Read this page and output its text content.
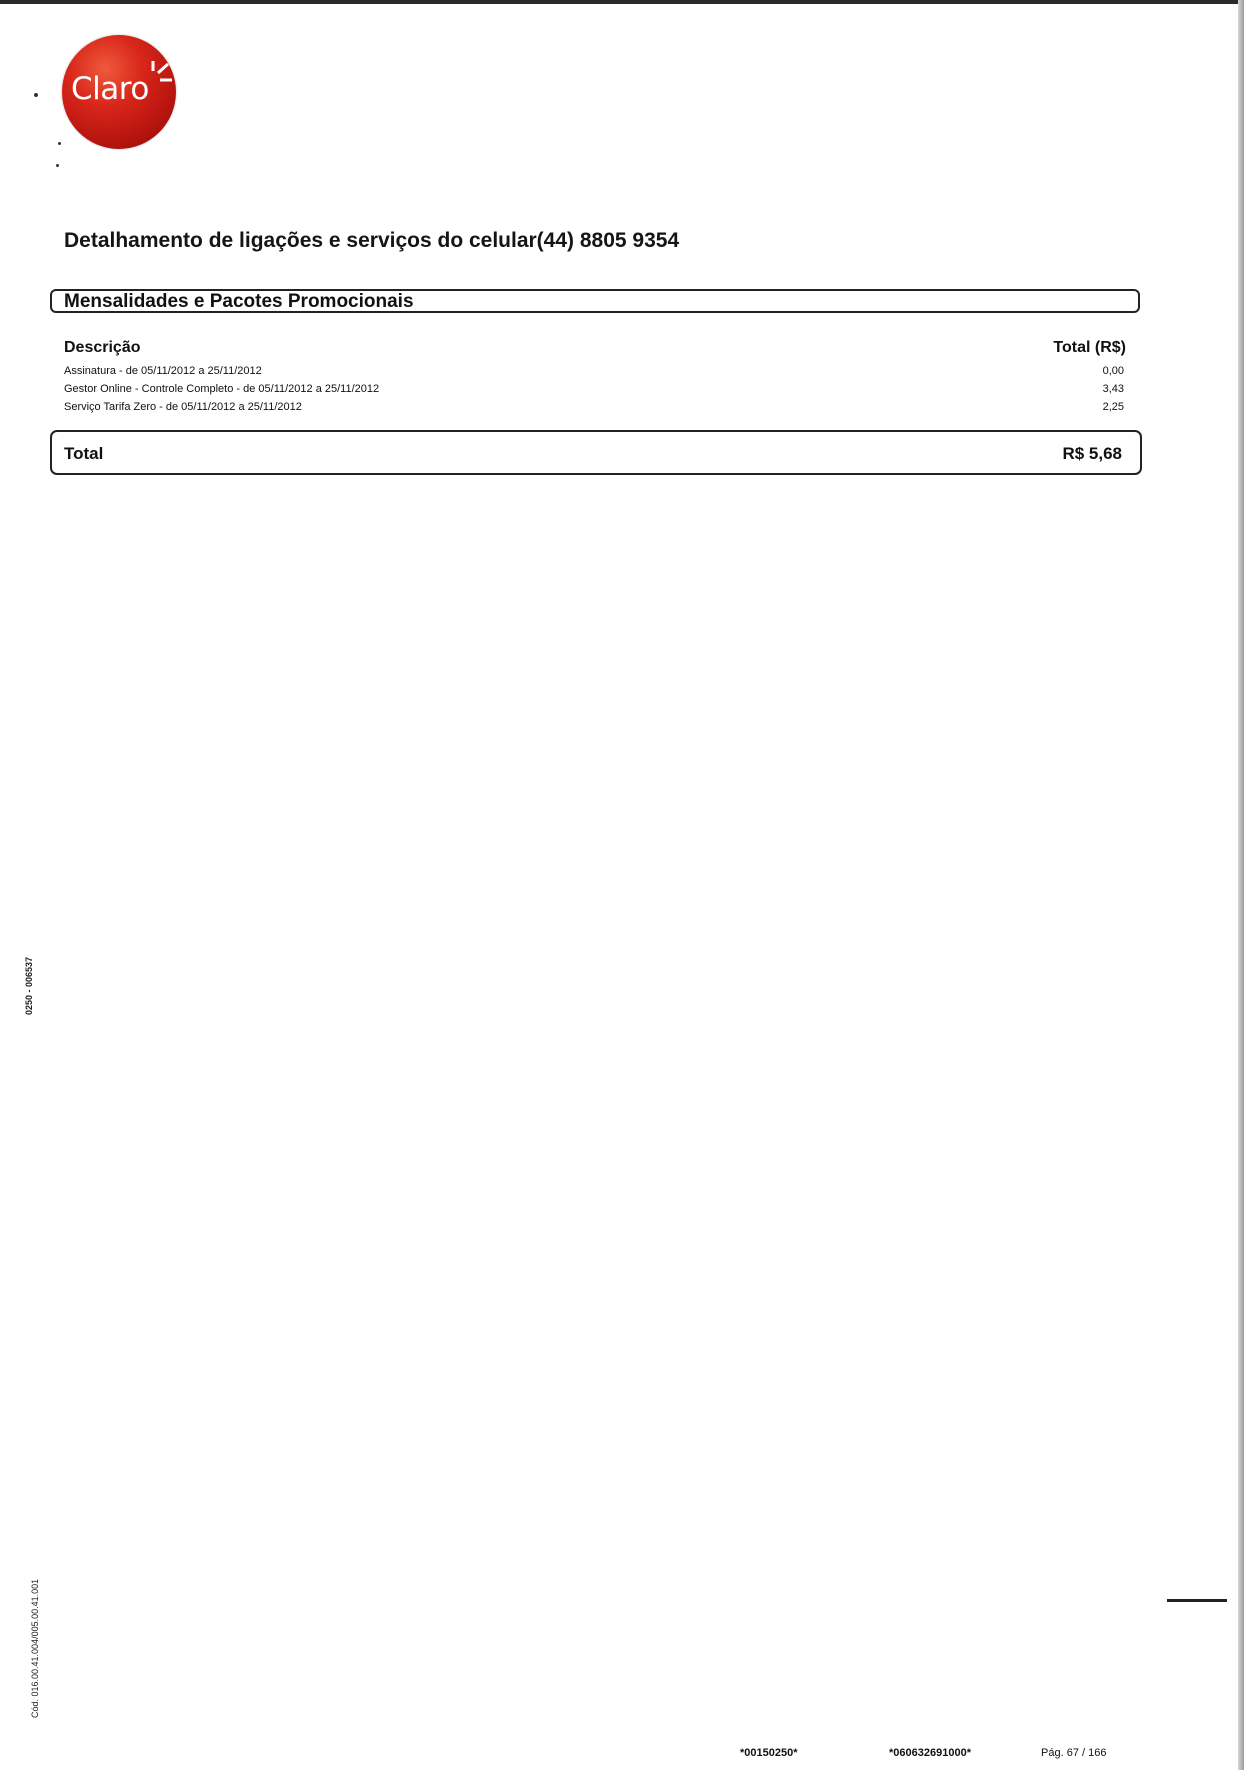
Claro
Detalhamento de ligações e serviços do celular(44) 8805 9354
Mensalidades e Pacotes Promocionais
Descrição	Total (R$)
Assinatura - de 05/11/2012 a 25/11/2012	0,00
Gestor Online - Controle Completo - de 05/11/2012 a 25/11/2012	3,43
Serviço Tarifa Zero - de 05/11/2012 a 25/11/2012	2,25
Total	R$ 5,68
0250 - 006537
Cód. 016.00.41.004/005.00.41.001
*00150250*	*060632691000*	Pág. 67 / 166
